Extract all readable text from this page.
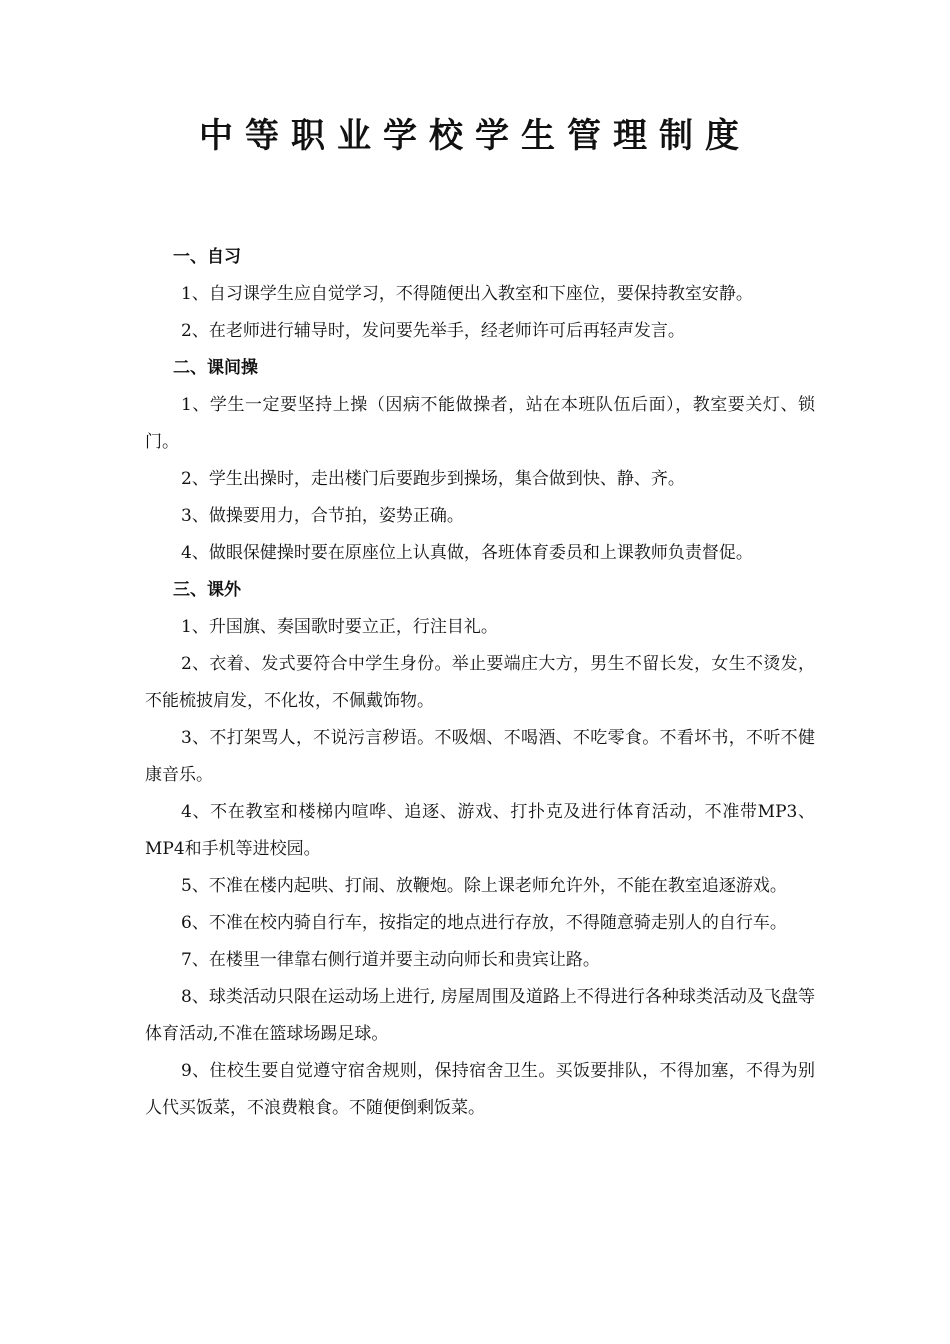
中等职业学校学生管理制度

一、自习

1、自习课学生应自觉学习，不得随便出入教室和下座位，要保持教室安静。

2、在老师进行辅导时，发问要先举手，经老师许可后再轻声发言。

二、课间操

1、学生一定要坚持上操（因病不能做操者，站在本班队伍后面），教室要关灯、锁门。

2、学生出操时，走出楼门后要跑步到操场，集合做到快、静、齐。

3、做操要用力，合节拍，姿势正确。

4、做眼保健操时要在原座位上认真做，各班体育委员和上课教师负责督促。

三、课外

1、升国旗、奏国歌时要立正，行注目礼。

2、衣着、发式要符合中学生身份。举止要端庄大方，男生不留长发，女生不烫发，不能梳披肩发，不化妆，不佩戴饰物。

3、不打架骂人，不说污言秽语。不吸烟、不喝酒、不吃零食。不看坏书，不听不健康音乐。

4、不在教室和楼梯内喧哗、追逐、游戏、打扑克及进行体育活动，不准带MP3、MP4和手机等进校园。

5、不准在楼内起哄、打闹、放鞭炮。除上课老师允许外，不能在教室追逐游戏。

6、不准在校内骑自行车，按指定的地点进行存放，不得随意骑走别人的自行车。

7、在楼里一律靠右侧行道并要主动向师长和贵宾让路。

8、球类活动只限在运动场上进行, 房屋周围及道路上不得进行各种球类活动及飞盘等体育活动,不准在篮球场踢足球。

9、住校生要自觉遵守宿舍规则，保持宿舍卫生。买饭要排队，不得加塞，不得为别人代买饭菜，不浪费粮食。不随便倒剩饭菜。
